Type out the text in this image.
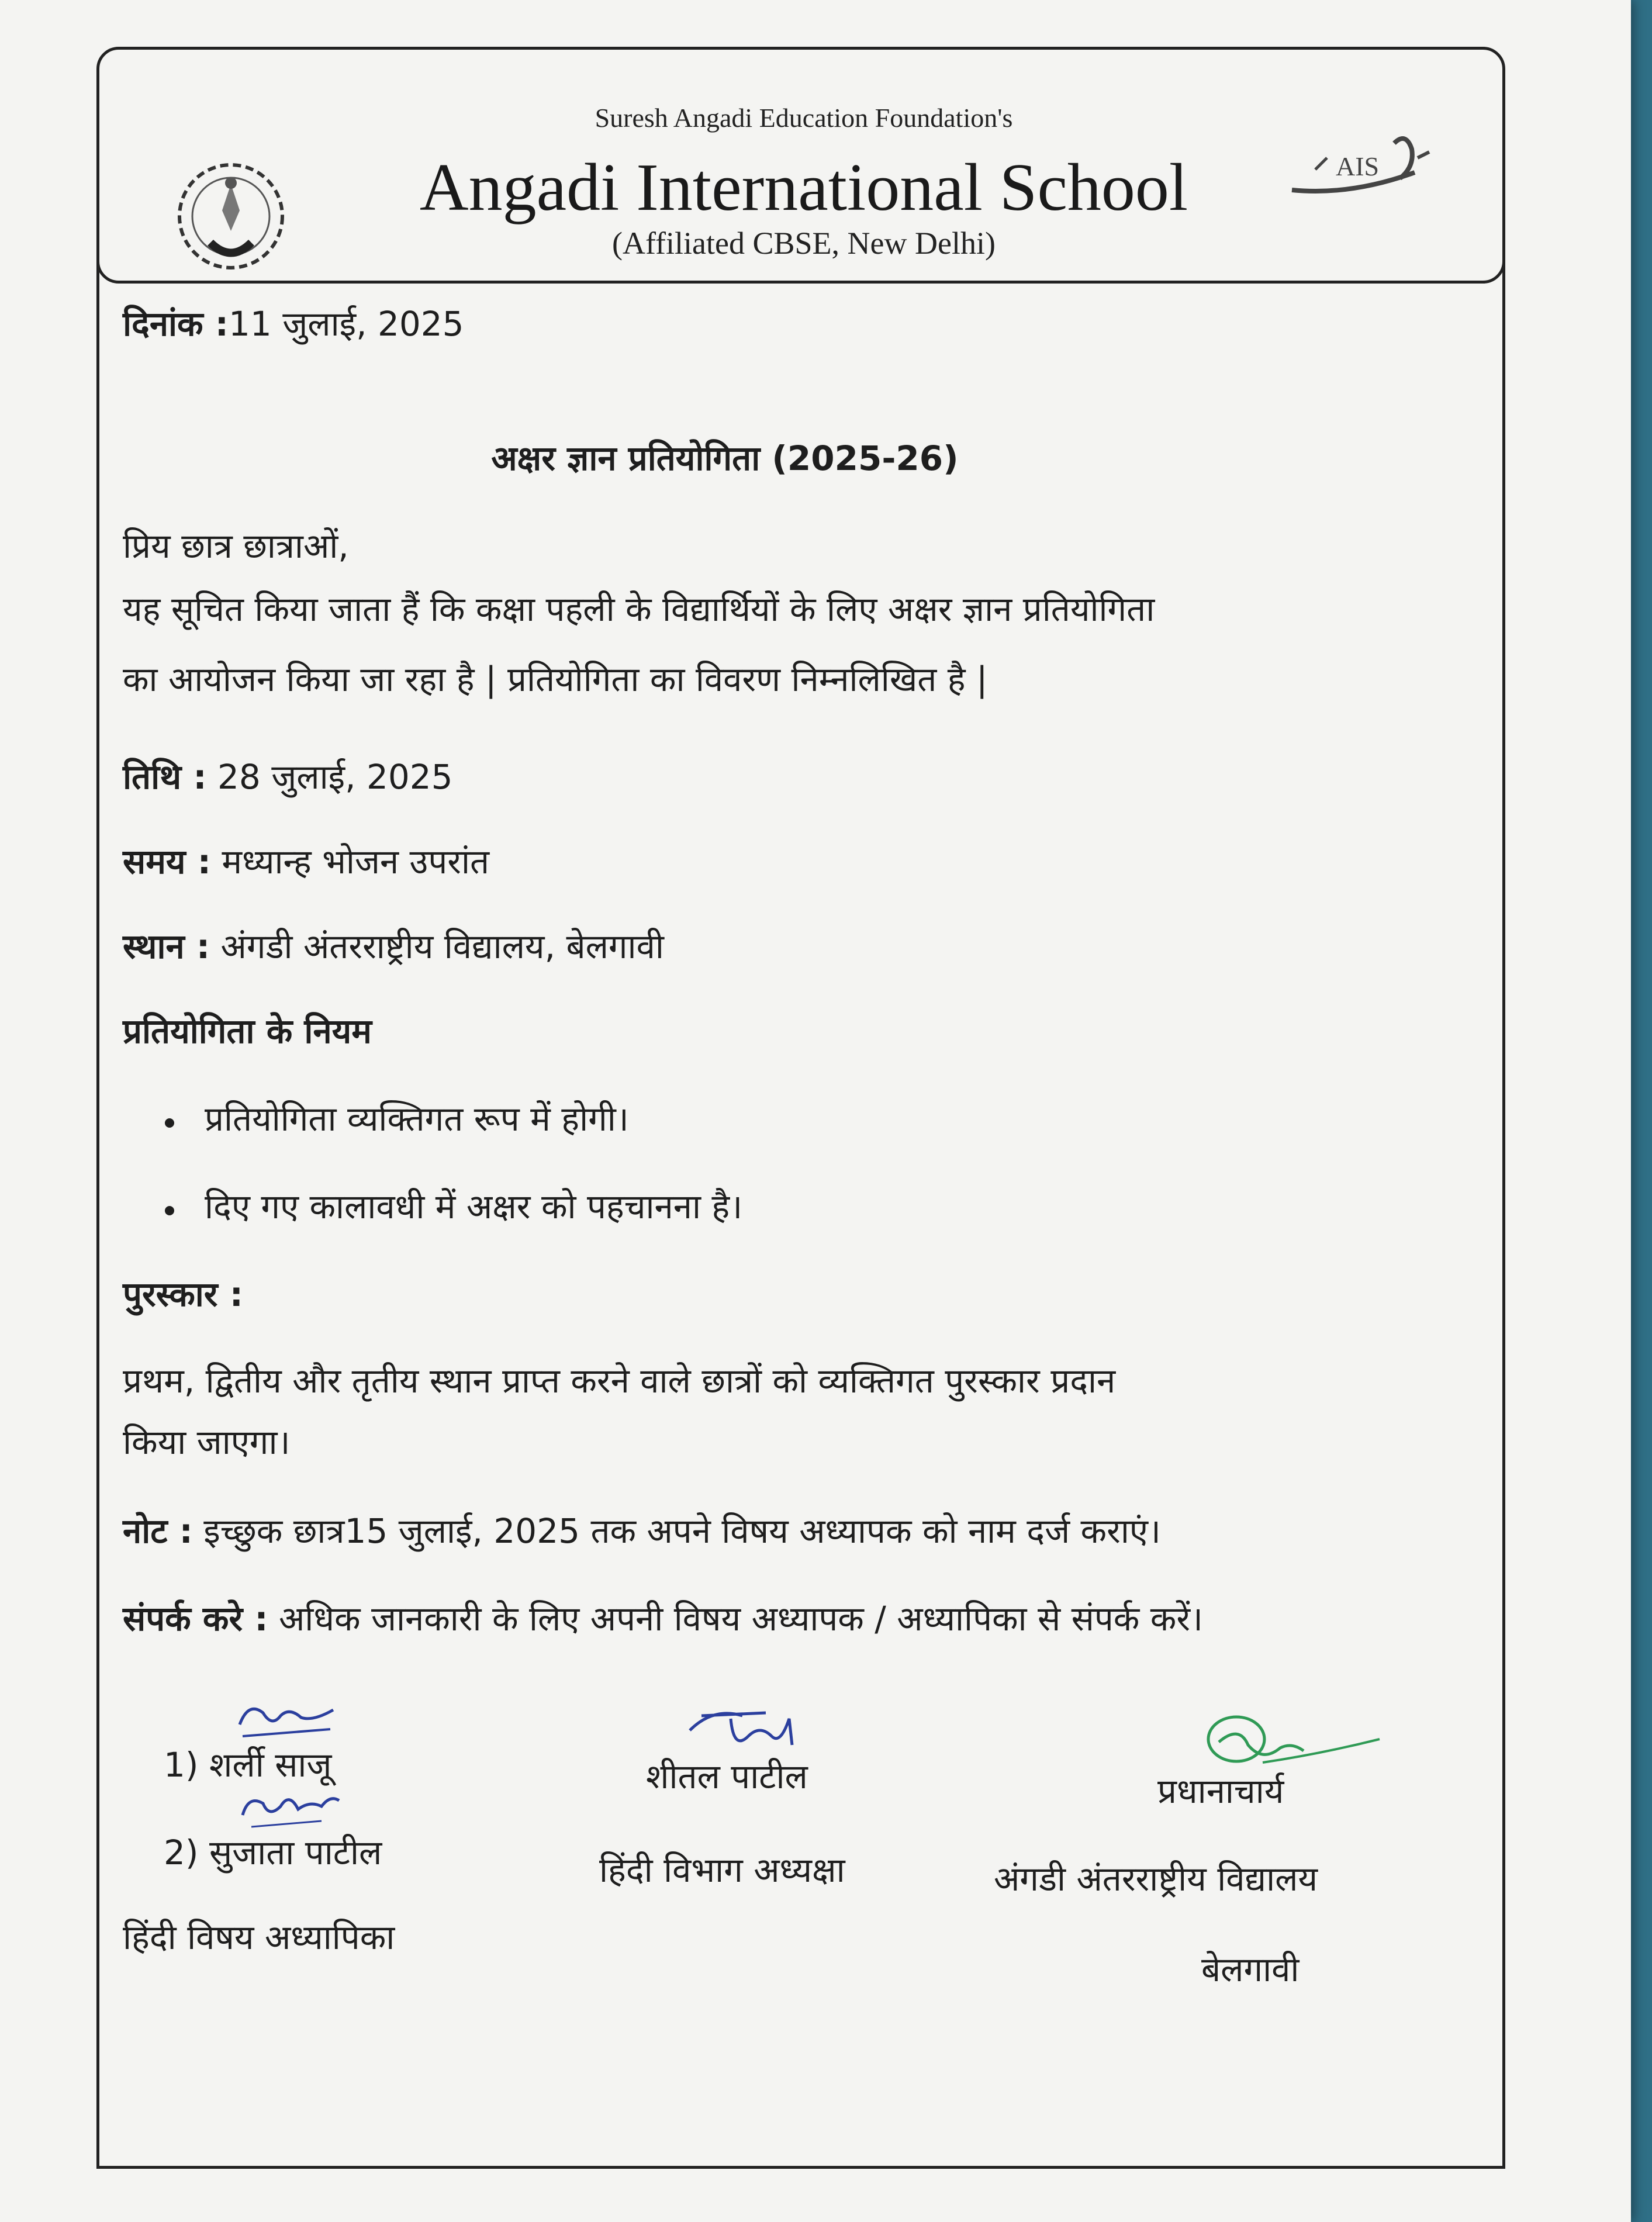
Suresh Angadi Education Foundation's
Angadi International School
(Affiliated CBSE, New Delhi)
AIS
दिनांक :11 जुलाई, 2025
अक्षर ज्ञान प्रतियोगिता (2025-26)
प्रिय छात्र छात्राओं,
यह सूचित किया जाता हैं कि कक्षा पहली के विद्यार्थियों के लिए अक्षर ज्ञान प्रतियोगिता
का आयोजन किया जा रहा है | प्रतियोगिता का विवरण निम्नलिखित है |
तिथि : 28 जुलाई, 2025
समय : मध्यान्ह भोजन उपरांत
स्थान : अंगडी अंतरराष्ट्रीय विद्यालय, बेलगावी
प्रतियोगिता के नियम
प्रतियोगिता व्यक्तिगत रूप में होगी।
दिए गए कालावधी में अक्षर को पहचानना है।
पुरस्कार :
प्रथम, द्वितीय और तृतीय स्थान प्राप्त करने वाले छात्रों को व्यक्तिगत पुरस्कार प्रदान
किया जाएगा।
नोट : इच्छुक छात्र15 जुलाई, 2025 तक अपने विषय अध्यापक को नाम दर्ज कराएं।
संपर्क करे : अधिक जानकारी के लिए अपनी विषय अध्यापक / अध्यापिका से संपर्क करें।
1) शर्ली साजू
2) सुजाता पाटील
हिंदी विषय अध्यापिका
शीतल पाटील
हिंदी विभाग अध्यक्षा
प्रधानाचार्य
अंगडी अंतरराष्ट्रीय विद्यालय
बेलगावी
